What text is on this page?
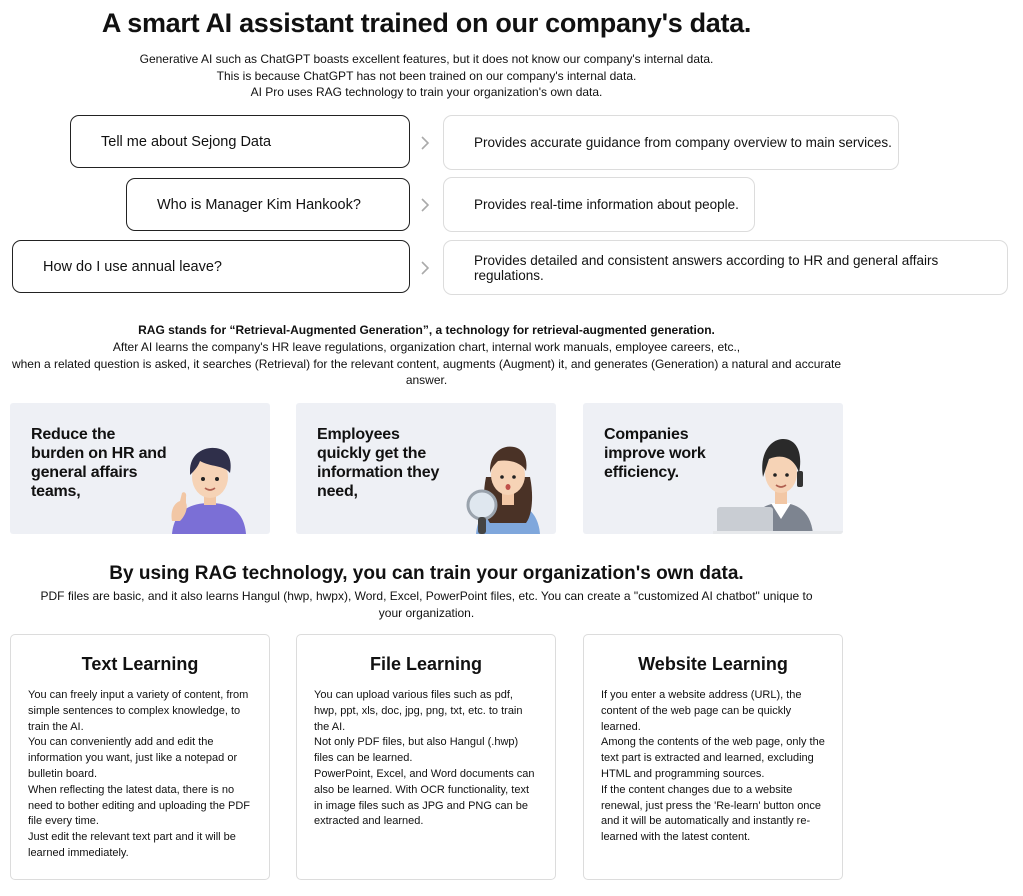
A smart AI assistant trained on our company's data.
Generative AI such as ChatGPT boasts excellent features, but it does not know our company's internal data.
This is because ChatGPT has not been trained on our company's internal data.
AI Pro uses RAG technology to train your organization's own data.
Tell me about Sejong Data	Provides accurate guidance from company overview to main services.
Who is Manager Kim Hankook?	Provides real-time information about people.
How do I use annual leave?	Provides detailed and consistent answers according to HR and general affairs regulations.
RAG stands for “Retrieval-Augmented Generation”, a technology for retrieval-augmented generation.
After AI learns the company's HR leave regulations, organization chart, internal work manuals, employee careers, etc.,
when a related question is asked, it searches (Retrieval) for the relevant content, augments (Augment) it, and generates (Generation) a natural and accurate
answer.
Reduce the burden on HR and general affairs teams,
Employees quickly get the information they need,
Companies improve work efficiency.
By using RAG technology, you can train your organization's own data.
PDF files are basic, and it also learns Hangul (hwp, hwpx), Word, Excel, PowerPoint files, etc. You can create a "customized AI chatbot" unique to your organization.
Text Learning
You can freely input a variety of content, from simple sentences to complex knowledge, to train the AI.
You can conveniently add and edit the information you want, just like a notepad or bulletin board.
When reflecting the latest data, there is no need to bother editing and uploading the PDF file every time.
Just edit the relevant text part and it will be learned immediately.
File Learning
You can upload various files such as pdf, hwp, ppt, xls, doc, jpg, png, txt, etc. to train the AI.
Not only PDF files, but also Hangul (.hwp) files can be learned.
PowerPoint, Excel, and Word documents can also be learned. With OCR functionality, text in image files such as JPG and PNG can be extracted and learned.
Website Learning
If you enter a website address (URL), the content of the web page can be quickly learned.
Among the contents of the web page, only the text part is extracted and learned, excluding HTML and programming sources.
If the content changes due to a website renewal, just press the 'Re-learn' button once and it will be automatically and instantly re-learned with the latest content.
